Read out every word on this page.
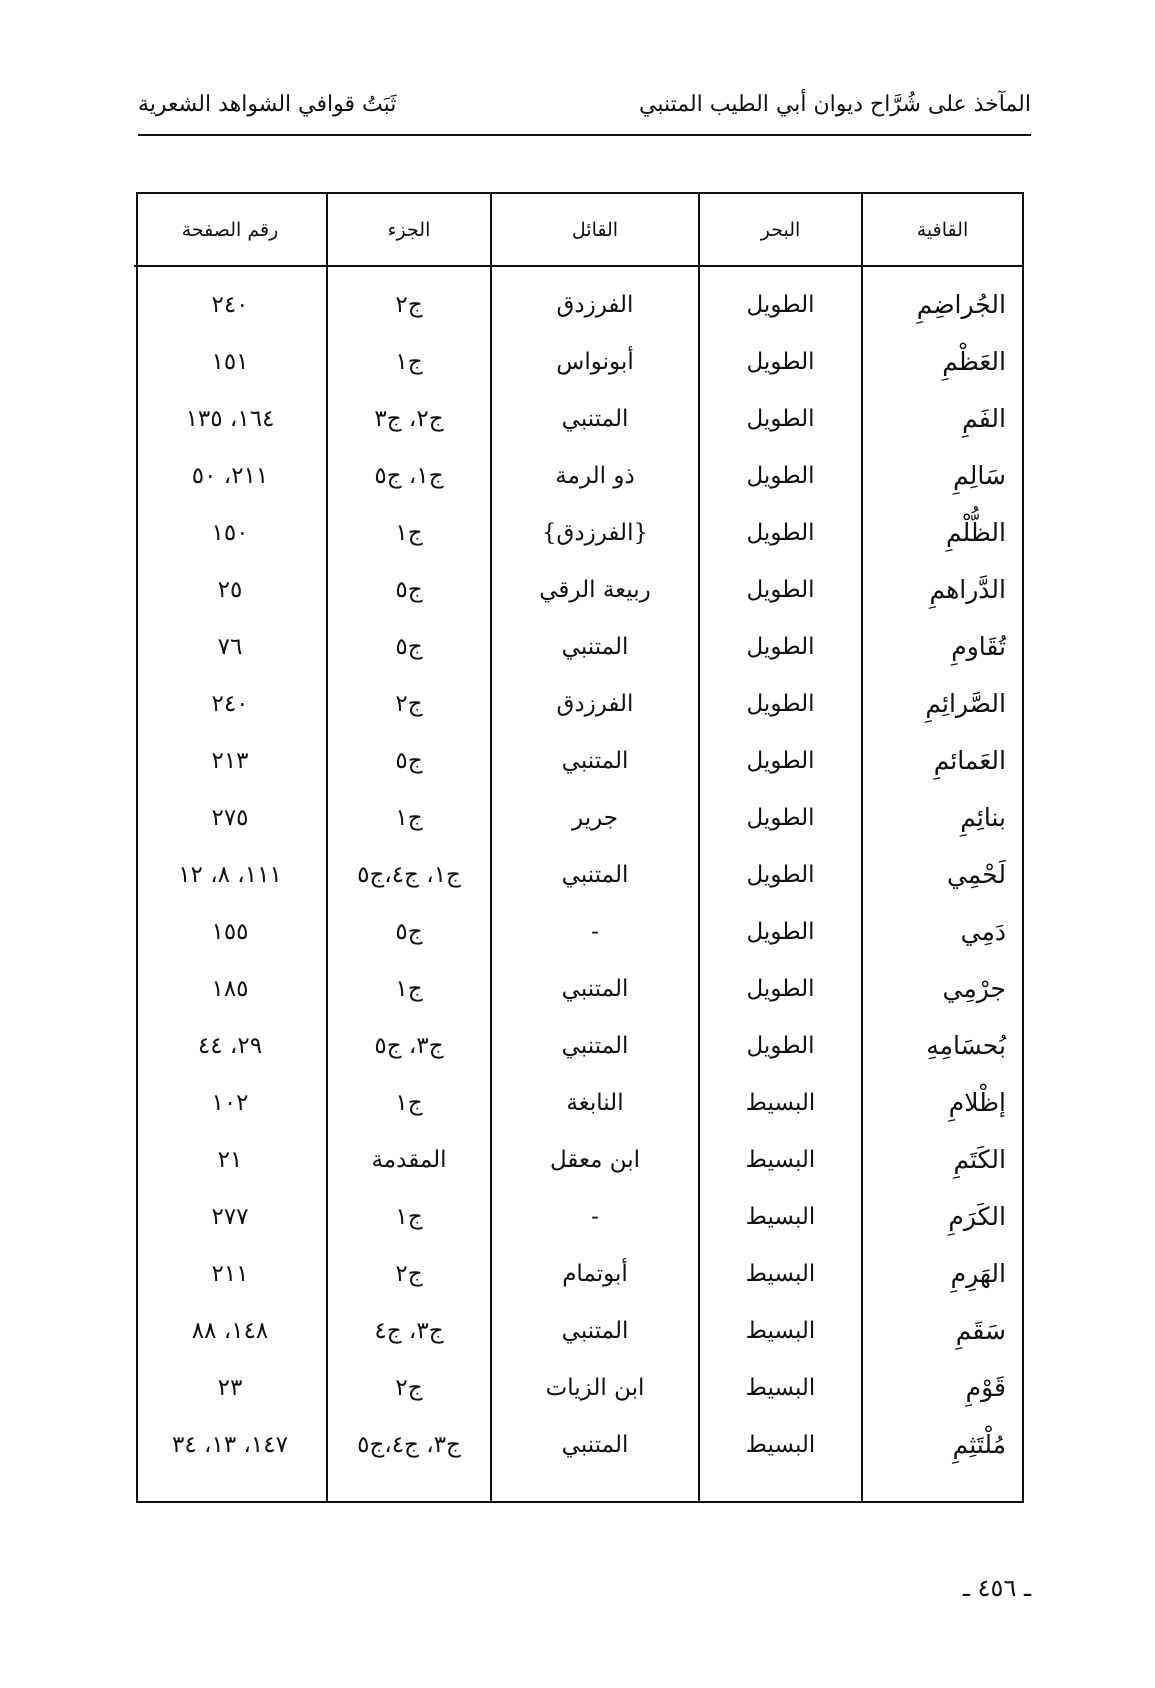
المآخذ على شُرَّاح ديوان أبي الطيب المتنبي
ثَبَتُ قوافي الشواهد الشعرية
القافية	البحر	القائل	الجزء	رقم الصفحة

الجُراضِمِ	الطويل	الفرزدق	ج٢	٢٤٠
العَظْمِ	الطويل	أبونواس	ج١	١٥١
الفَمِ	الطويل	المتنبي	ج٢، ج٣	١٦٤، ١٣٥
سَالِمِ	الطويل	ذو الرمة	ج١، ج٥	٢١١، ٥٠
الظُّلْمِ	الطويل	{الفرزدق}	ج١	١٥٠
الدَّراهمِ	الطويل	ربيعة الرقي	ج٥	٢٥
تُقَاومِ	الطويل	المتنبي	ج٥	٧٦
الصَّرائِمِ	الطويل	الفرزدق	ج٢	٢٤٠
العَمائمِ	الطويل	المتنبي	ج٥	٢١٣
بنائِمِ	الطويل	جرير	ج١	٢٧٥
لَحْمِي	الطويل	المتنبي	ج١، ج٤،ج٥	١١١، ٨، ١٢
دَمِي	الطويل	-	ج٥	١٥٥
جرْمِي	الطويل	المتنبي	ج١	١٨٥
بُحسَامِهِ	الطويل	المتنبي	ج٣، ج٥	٢٩، ٤٤
إظْلامِ	البسيط	النابغة	ج١	١٠٢
الكَتَمِ	البسيط	ابن معقل	المقدمة	٢١
الكَرَمِ	البسيط	-	ج١	٢٧٧
الهَرِمِ	البسيط	أبوتمام	ج٢	٢١١
سَقَمِ	البسيط	المتنبي	ج٣، ج٤	١٤٨، ٨٨
قَوْمِ	البسيط	ابن الزيات	ج٢	٢٣
مُلْتَثِمِ	البسيط	المتنبي	ج٣، ج٤،ج٥	١٤٧، ١٣، ٣٤

ـ ٤٥٦ ـ
